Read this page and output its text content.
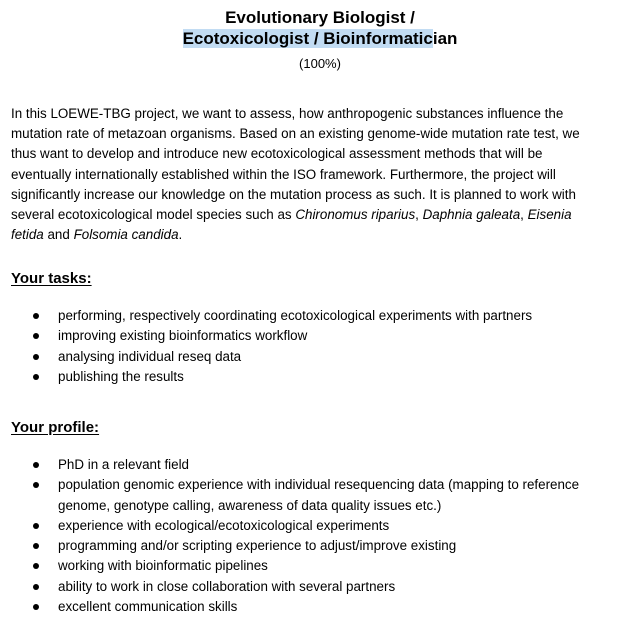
Evolutionary Biologist /
Ecotoxicologist / Bioinformatician
(100%)
In this LOEWE-TBG project, we want to assess, how anthropogenic substances influence the
mutation rate of metazoan organisms. Based on an existing genome-wide mutation rate test, we
thus want to develop and introduce new ecotoxicological assessment methods that will be
eventually internationally established within the ISO framework. Furthermore, the project will
significantly increase our knowledge on the mutation process as such. It is planned to work with
several ecotoxicological model species such as Chironomus riparius, Daphnia galeata, Eisenia
fetida and Folsomia candida.
Your tasks:
performing, respectively coordinating ecotoxicological experiments with partners
improving existing bioinformatics workflow
analysing individual reseq data
publishing the results
Your profile:
PhD in a relevant field
population genomic experience with individual resequencing data (mapping to reference
genome, genotype calling, awareness of data quality issues etc.)
experience with ecological/ecotoxicological experiments
programming and/or scripting experience to adjust/improve existing
working with bioinformatic pipelines
ability to work in close collaboration with several partners
excellent communication skills
